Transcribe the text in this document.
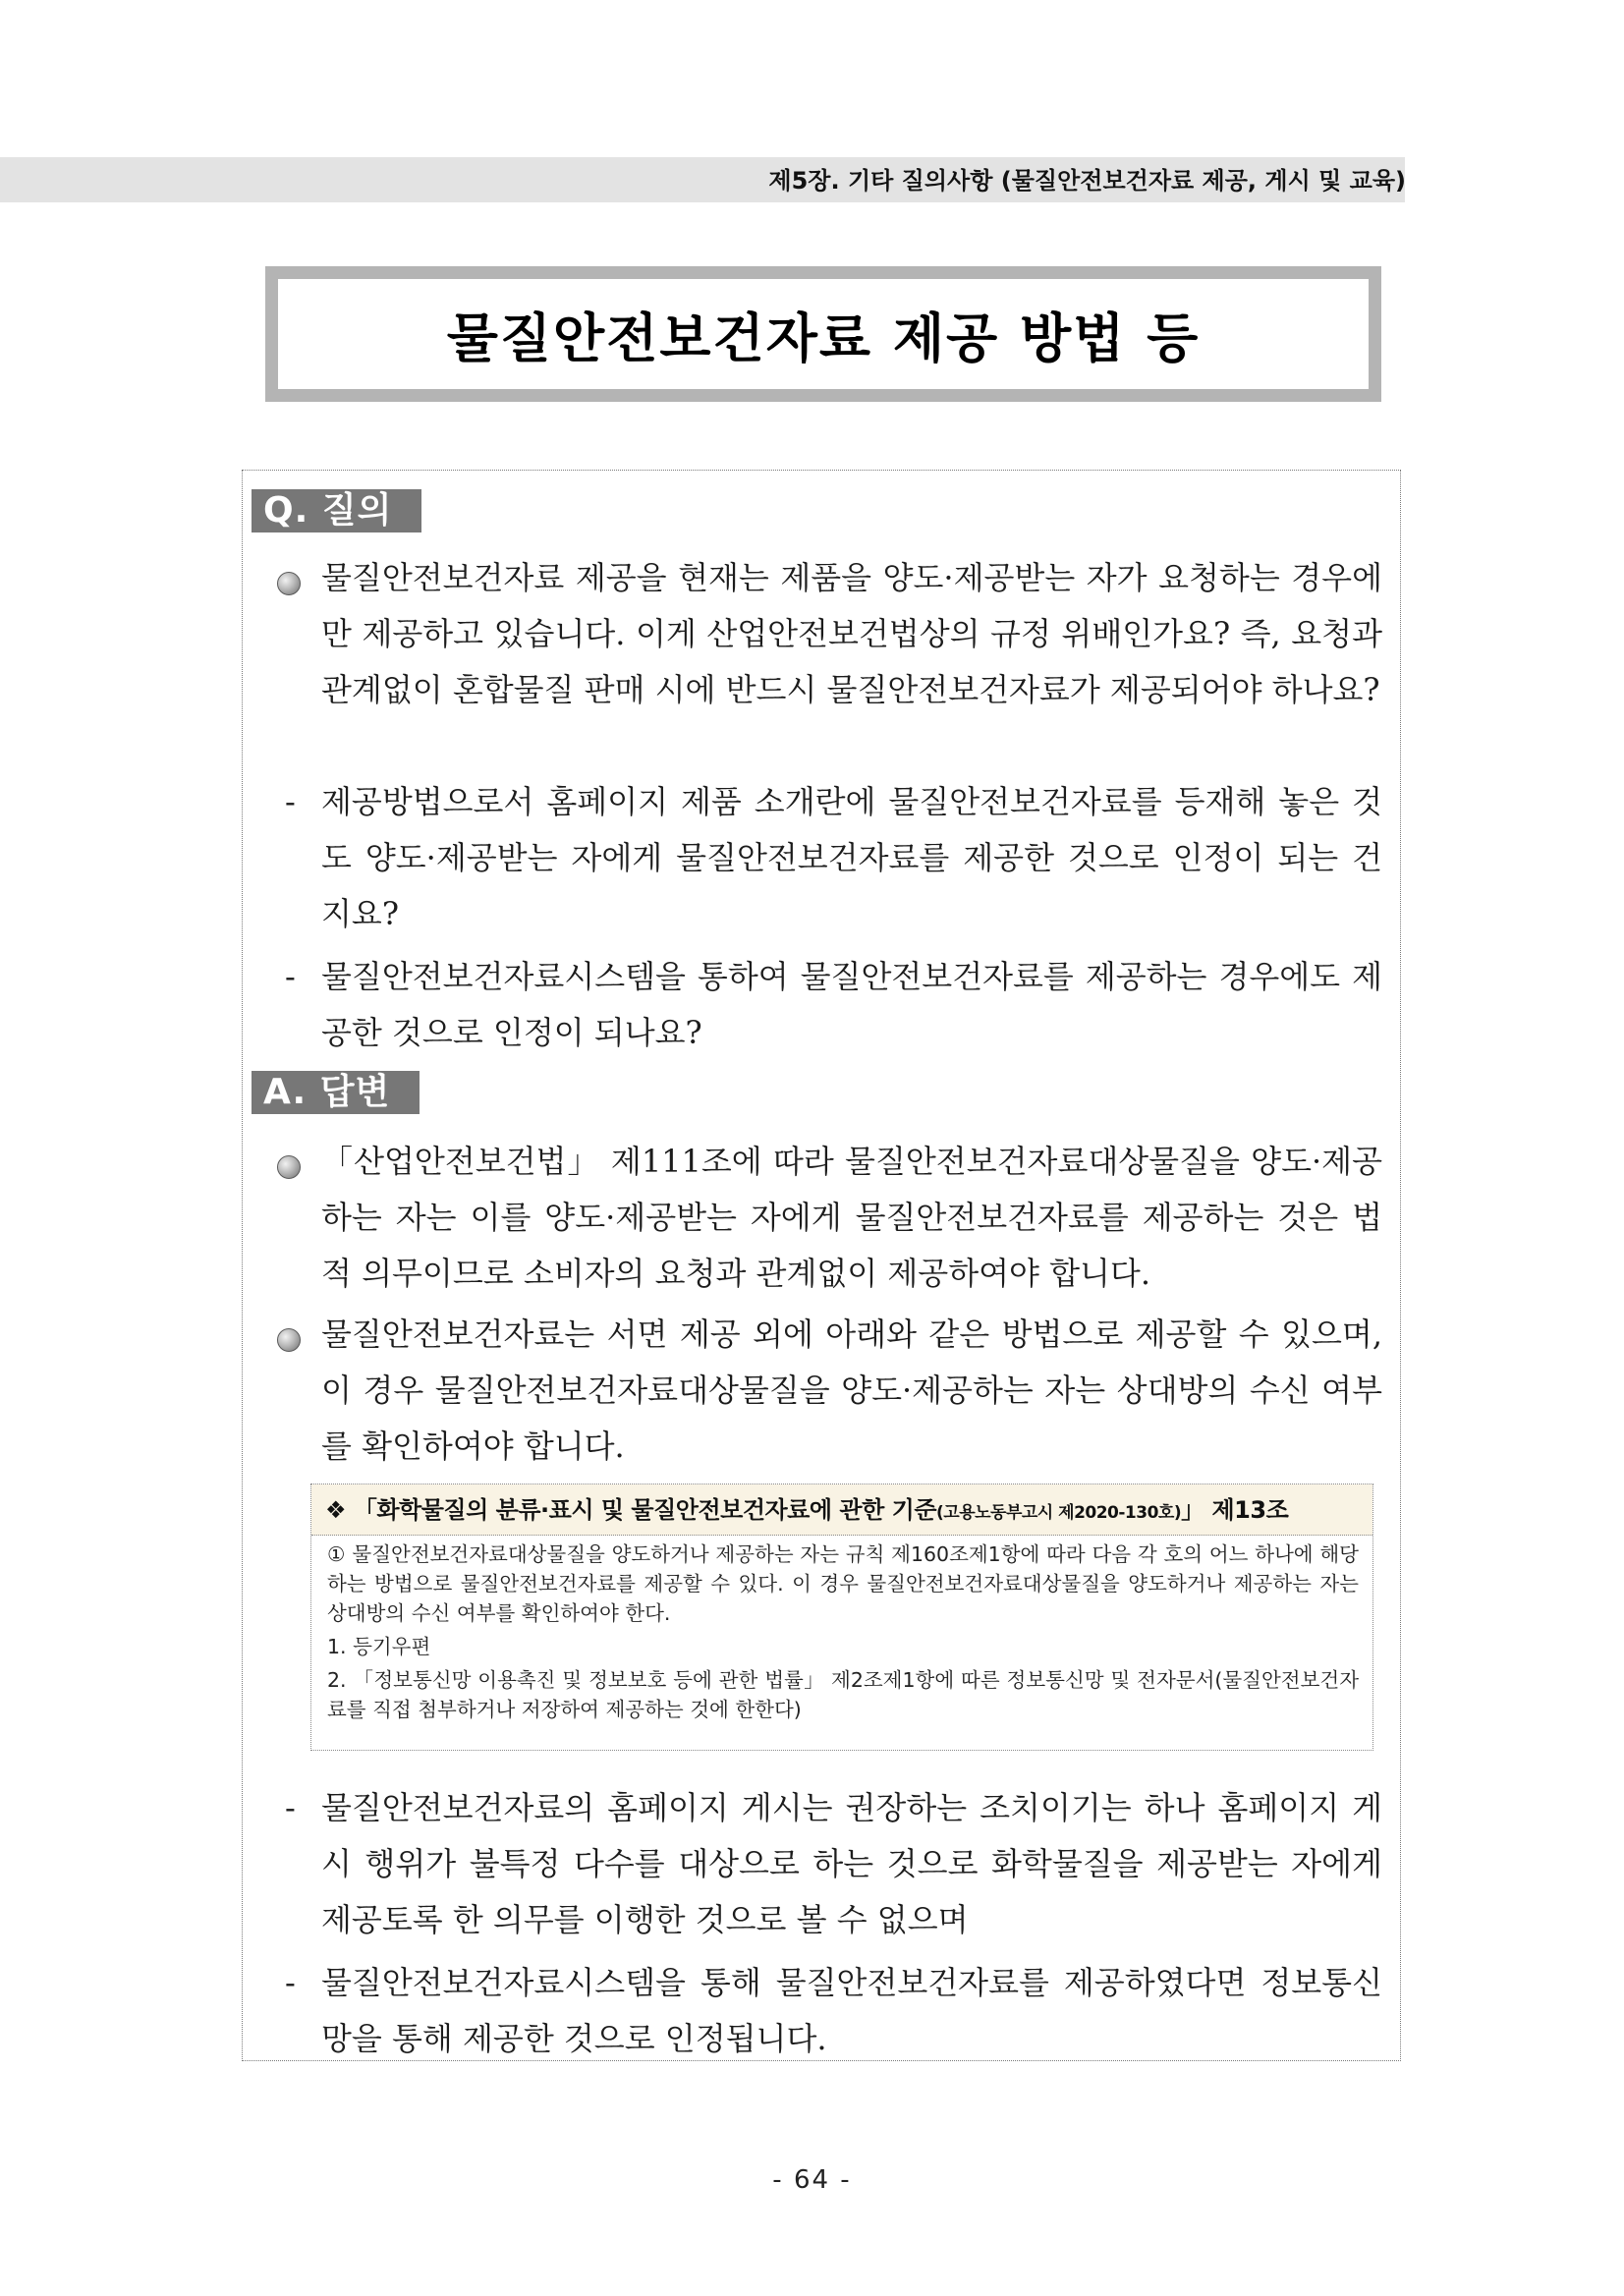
제5장. 기타 질의사항 (물질안전보건자료 제공, 게시 및 교육)
물질안전보건자료 제공 방법 등
Q. 질의
물질안전보건자료 제공을 현재는 제품을 양도·제공받는 자가 요청하는 경우에만 제공하고 있습니다. 이게 산업안전보건법상의 규정 위배인가요? 즉, 요청과 관계없이 혼합물질 판매 시에 반드시 물질안전보건자료가 제공되어야 하나요?
- 제공방법으로서 홈페이지 제품 소개란에 물질안전보건자료를 등재해 놓은 것도 양도·제공받는 자에게 물질안전보건자료를 제공한 것으로 인정이 되는 건지요?
- 물질안전보건자료시스템을 통하여 물질안전보건자료를 제공하는 경우에도 제공한 것으로 인정이 되나요?
A. 답변
「산업안전보건법」 제111조에 따라 물질안전보건자료대상물질을 양도·제공하는 자는 이를 양도·제공받는 자에게 물질안전보건자료를 제공하는 것은 법적 의무이므로 소비자의 요청과 관계없이 제공하여야 합니다.
물질안전보건자료는 서면 제공 외에 아래와 같은 방법으로 제공할 수 있으며, 이 경우 물질안전보건자료대상물질을 양도·제공하는 자는 상대방의 수신 여부를 확인하여야 합니다.
❖ 「화학물질의 분류·표시 및 물질안전보건자료에 관한 기준(고용노동부고시 제2020-130호)」 제13조
① 물질안전보건자료대상물질을 양도하거나 제공하는 자는 규칙 제160조제1항에 따라 다음 각 호의 어느 하나에 해당하는 방법으로 물질안전보건자료를 제공할 수 있다. 이 경우 물질안전보건자료대상물질을 양도하거나 제공하는 자는 상대방의 수신 여부를 확인하여야 한다.
1. 등기우편
2. 「정보통신망 이용촉진 및 정보보호 등에 관한 법률」 제2조제1항에 따른 정보통신망 및 전자문서(물질안전보건자료를 직접 첨부하거나 저장하여 제공하는 것에 한한다)
- 물질안전보건자료의 홈페이지 게시는 권장하는 조치이기는 하나 홈페이지 게시 행위가 불특정 다수를 대상으로 하는 것으로 화학물질을 제공받는 자에게 제공토록 한 의무를 이행한 것으로 볼 수 없으며
- 물질안전보건자료시스템을 통해 물질안전보건자료를 제공하였다면 정보통신망을 통해 제공한 것으로 인정됩니다.
- 64 -
